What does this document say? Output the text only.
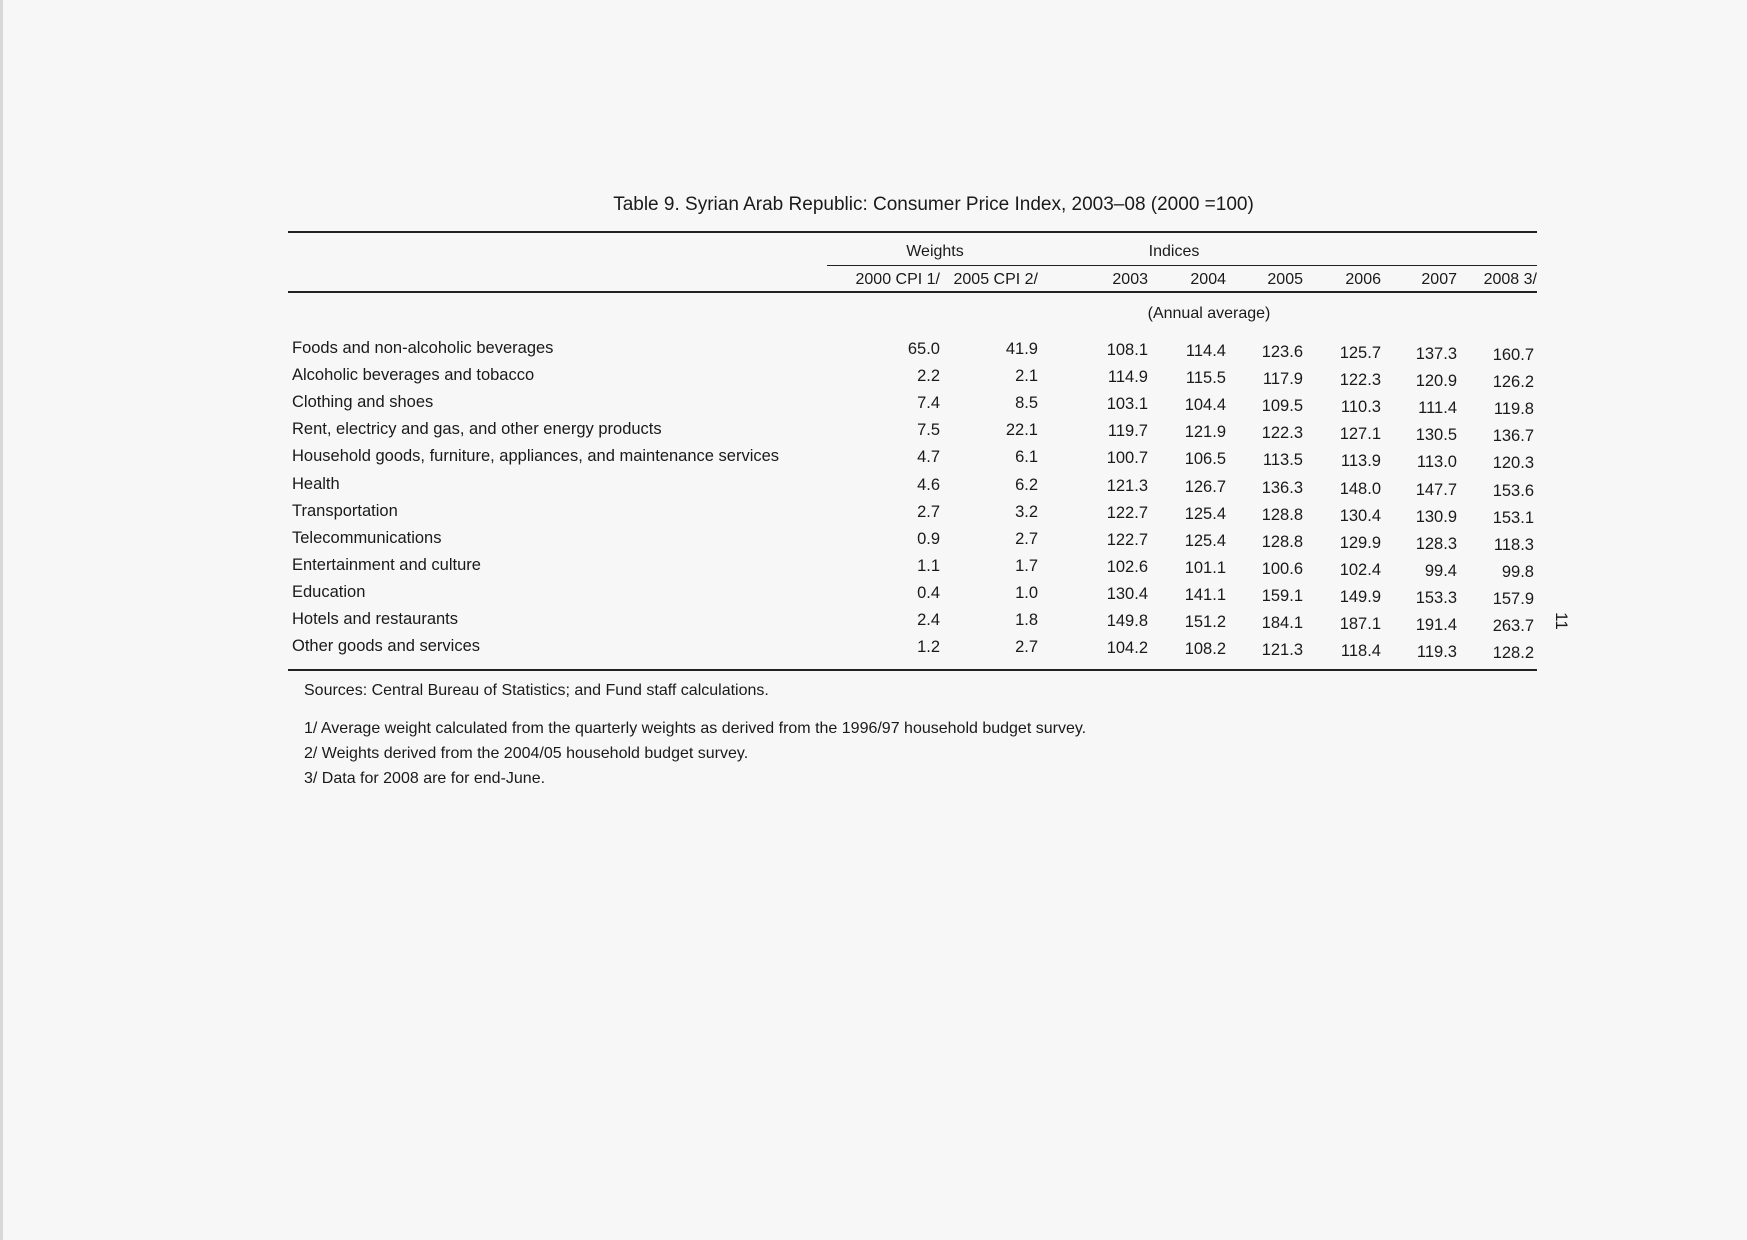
Table 9. Syrian Arab Republic: Consumer Price Index, 2003–08 (2000 =100)
Weights	Indices
2000 CPI 1/ 2005 CPI 2/	2003	2004	2005	2006	2007	2008 3/
(Annual average)
Foods and non-alcoholic beverages	65.0	41.9	108.1	114.4	123.6	125.7	137.3	160.7
Alcoholic beverages and tobacco	2.2	2.1	114.9	115.5	117.9	122.3	120.9	126.2
Clothing and shoes	7.4	8.5	103.1	104.4	109.5	110.3	111.4	119.8
Rent, electricy and gas, and other energy products	7.5	22.1	119.7	121.9	122.3	127.1	130.5	136.7
Household goods, furniture, appliances, and maintenance services	4.7	6.1	100.7	106.5	113.5	113.9	113.0	120.3
Health	4.6	6.2	121.3	126.7	136.3	148.0	147.7	153.6
Transportation	2.7	3.2	122.7	125.4	128.8	130.4	130.9	153.1
Telecommunications	0.9	2.7	122.7	125.4	128.8	129.9	128.3	118.3
Entertainment and culture	1.1	1.7	102.6	101.1	100.6	102.4	99.4	99.8
Education	0.4	1.0	130.4	141.1	159.1	149.9	153.3	157.9
Hotels and restaurants	2.4	1.8	149.8	151.2	184.1	187.1	191.4	263.7
Other goods and services	1.2	2.7	104.2	108.2	121.3	118.4	119.3	128.2
Sources: Central Bureau of Statistics; and Fund staff calculations.
1/ Average weight calculated from the quarterly weights as derived from the 1996/97 household budget survey.
2/ Weights derived from the 2004/05 household budget survey.
3/ Data for 2008 are for end-June.
11
